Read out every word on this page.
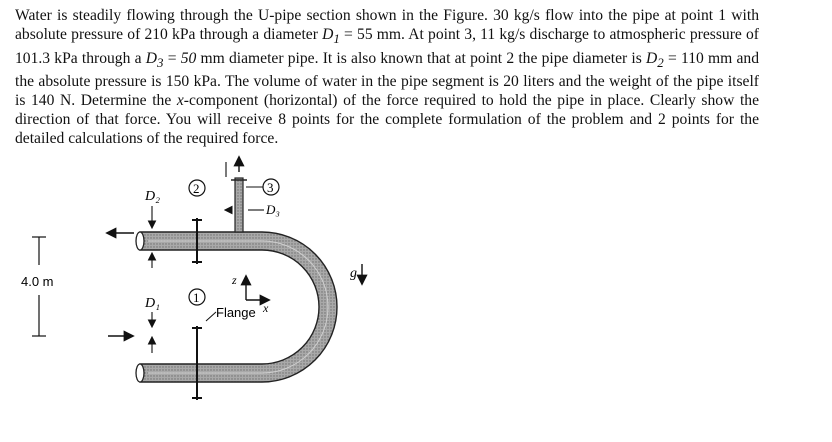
Water is steadily flowing through the U-pipe section shown in the Figure. 30 kg/s flow into the pipe at point 1 with absolute pressure of 210 kPa through a diameter $D_1 = 55$ mm. At point 3, 11 kg/s discharge to atmospheric pressure of 101.3 kPa through a $D_3 = 50$ mm diameter pipe. It is also known that at point 2 the pipe diameter is $D_2 = 110$ mm and the absolute pressure is 150 kPa. The volume of water in the pipe segment is 20 liters and the weight of the pipe itself is 140 N. Determine the x-component (horizontal) of the force required to hold the pipe in place. Clearly show the direction of that force. You will receive 8 points for the complete formulation of the problem and 2 points for the detailed calculations of the required force.

4.0 m
D₃
3
2
1
D₂
D₁
z
x
Flange
g
